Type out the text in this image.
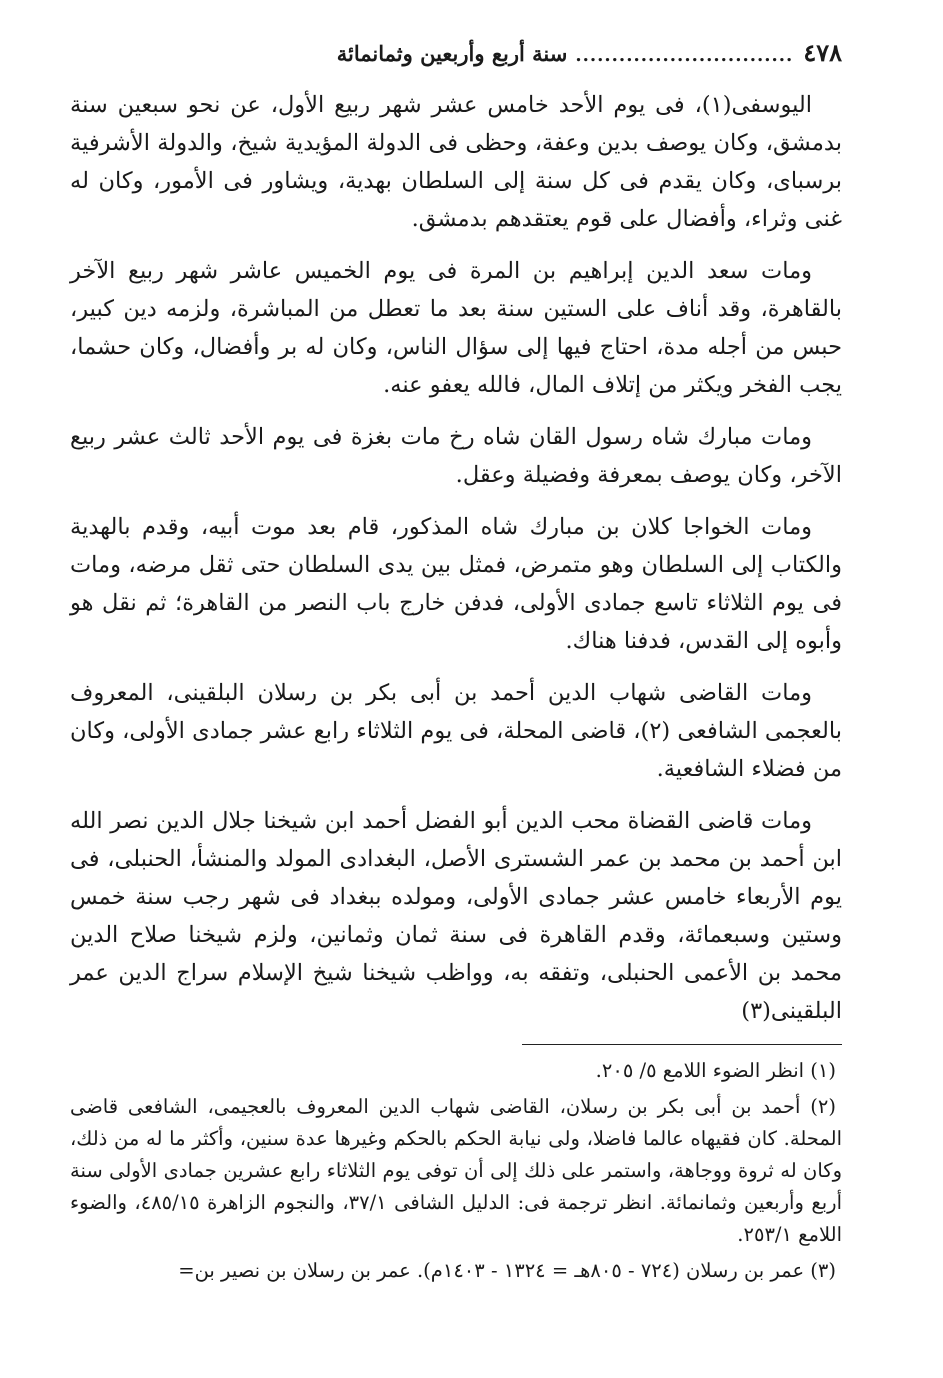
٤٧٨
..............................
سنة أربع وأربعين وثمانمائة

اليوسفى(١)، فى يوم الأحد خامس عشر شهر ربيع الأول، عن نحو سبعين سنة بدمشق، وكان يوصف بدين وعفة، وحظى فى الدولة المؤيدية شيخ، والدولة الأشرفية برسباى، وكان يقدم فى كل سنة إلى السلطان بهدية، ويشاور فى الأمور، وكان له غنى وثراء، وأفضال على قوم يعتقدهم بدمشق.

ومات سعد الدين إبراهيم بن المرة فى يوم الخميس عاشر شهر ربيع الآخر بالقاهرة، وقد أناف على الستين سنة بعد ما تعطل من المباشرة، ولزمه دين كبير، حبس من أجله مدة، احتاج فيها إلى سؤال الناس، وكان له بر وأفضال، وكان حشما، يجب الفخر ويكثر من إتلاف المال، فالله يعفو عنه.

ومات مبارك شاه رسول القان شاه رخ مات بغزة فى يوم الأحد ثالث عشر ربيع الآخر، وكان يوصف بمعرفة وفضيلة وعقل.

ومات الخواجا كلان بن مبارك شاه المذكور، قام بعد موت أبيه، وقدم بالهدية والكتاب إلى السلطان وهو متمرض، فمثل بين يدى السلطان حتى ثقل مرضه، ومات فى يوم الثلاثاء تاسع جمادى الأولى، فدفن خارج باب النصر من القاهرة؛ ثم نقل هو وأبوه إلى القدس، فدفنا هناك.

ومات القاضى شهاب الدين أحمد بن أبى بكر بن رسلان البلقينى، المعروف بالعجمى الشافعى (٢)، قاضى المحلة، فى يوم الثلاثاء رابع عشر جمادى الأولى، وكان من فضلاء الشافعية.

ومات قاضى القضاة محب الدين أبو الفضل أحمد ابن شيخنا جلال الدين نصر الله ابن أحمد بن محمد بن عمر الشسترى الأصل، البغدادى المولد والمنشأ، الحنبلى، فى يوم الأربعاء خامس عشر جمادى الأولى، ومولده ببغداد فى شهر رجب سنة خمس وستين وسبعمائة، وقدم القاهرة فى سنة ثمان وثمانين، ولزم شيخنا صلاح الدين محمد بن الأعمى الحنبلى، وتفقه به، وواظب شيخنا شيخ الإسلام سراج الدين عمر البلقينى(٣)

(١) انظر الضوء اللامع ٥/ ٢٠٥.

(٢) أحمد بن أبى بكر بن رسلان، القاضى شهاب الدين المعروف بالعجيمى، الشافعى قاضى المحلة. كان فقيهاه عالما فاضلا، ولى نيابة الحكم بالحكم وغيرها عدة سنين، وأكثر ما له من ذلك، وكان له ثروة ووجاهة، واستمر على ذلك إلى أن توفى يوم الثلاثاء رابع عشرين جمادى الأولى سنة أربع وأربعين وثمانمائة. انظر ترجمة فى: الدليل الشافى ٣٧/١، والنجوم الزاهرة ٤٨٥/١٥، والضوء اللامع ٢٥٣/١.

(٣) عمر بن رسلان (٧٢٤ - ٨٠٥هـ = ١٣٢٤ - ١٤٠٣م). عمر بن رسلان بن نصير بن=
